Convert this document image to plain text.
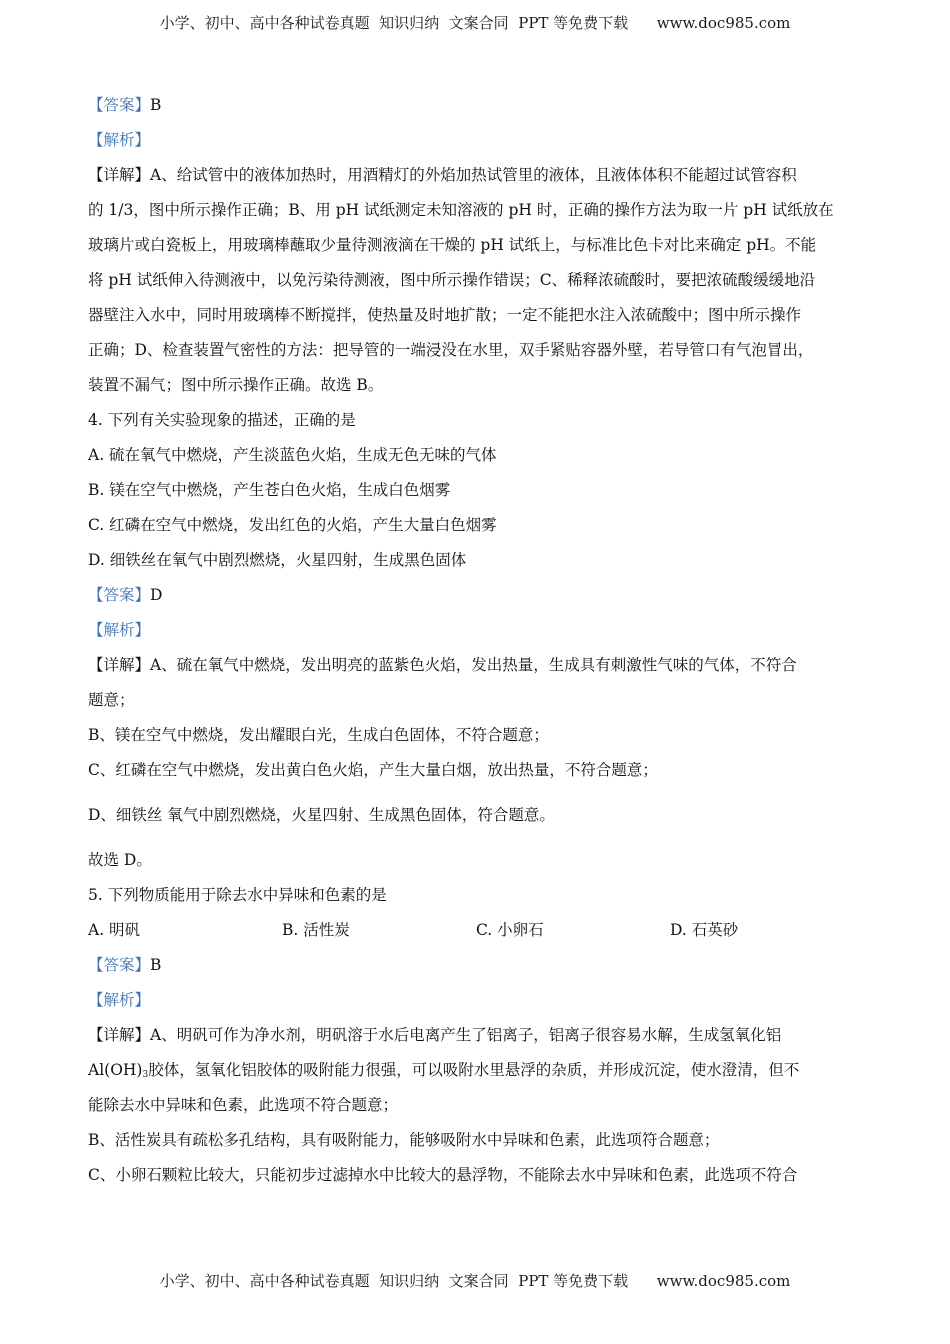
小学、初中、高中各种试卷真题  知识归纳  文案合同  PPT 等免费下载      www.doc985.com
【答案】B
【解析】
【详解】A、给试管中的液体加热时，用酒精灯的外焰加热试管里的液体，且液体体积不能超过试管容积
的 1/3，图中所示操作正确；B、用 pH 试纸测定未知溶液的 pH 时，正确的操作方法为取一片 pH 试纸放在
玻璃片或白瓷板上，用玻璃棒蘸取少量待测液滴在干燥的 pH 试纸上，与标准比色卡对比来确定 pH。不能
将 pH 试纸伸入待测液中，以免污染待测液，图中所示操作错误；C、稀释浓硫酸时，要把浓硫酸缓缓地沿
器壁注入水中，同时用玻璃棒不断搅拌，使热量及时地扩散；一定不能把水注入浓硫酸中；图中所示操作
正确；D、检查装置气密性的方法：把导管的一端浸没在水里，双手紧贴容器外壁，若导管口有气泡冒出，
装置不漏气；图中所示操作正确。故选 B。
4. 下列有关实验现象的描述，正确的是
A. 硫在氧气中燃烧，产生淡蓝色火焰，生成无色无味的气体
B. 镁在空气中燃烧，产生苍白色火焰，生成白色烟雾
C. 红磷在空气中燃烧，发出红色的火焰，产生大量白色烟雾
D. 细铁丝在氧气中剧烈燃烧，火星四射，生成黑色固体
【答案】D
【解析】
【详解】A、硫在氧气中燃烧，发出明亮的蓝紫色火焰，发出热量，生成具有刺激性气味的气体，不符合
题意；
B、镁在空气中燃烧，发出耀眼白光，生成白色固体，不符合题意；
C、红磷在空气中燃烧，发出黄白色火焰，产生大量白烟，放出热量，不符合题意；
D、细铁丝 氧气中剧烈燃烧，火星四射、生成黑色固体，符合题意。
故选 D。
5. 下列物质能用于除去水中异味和色素的是
A. 明矾	B. 活性炭	C. 小卵石	D. 石英砂
【答案】B
【解析】
【详解】A、明矾可作为净水剂，明矾溶于水后电离产生了铝离子，铝离子很容易水解，生成氢氧化铝
$Al(OH)_3$胶体，氢氧化铝胶体的吸附能力很强，可以吸附水里悬浮的杂质，并形成沉淀，使水澄清，但不
能除去水中异味和色素，此选项不符合题意；
B、活性炭具有疏松多孔结构，具有吸附能力，能够吸附水中异味和色素，此选项符合题意；
C、小卵石颗粒比较大，只能初步过滤掉水中比较大的悬浮物，不能除去水中异味和色素，此选项不符合
小学、初中、高中各种试卷真题  知识归纳  文案合同  PPT 等免费下载      www.doc985.com
